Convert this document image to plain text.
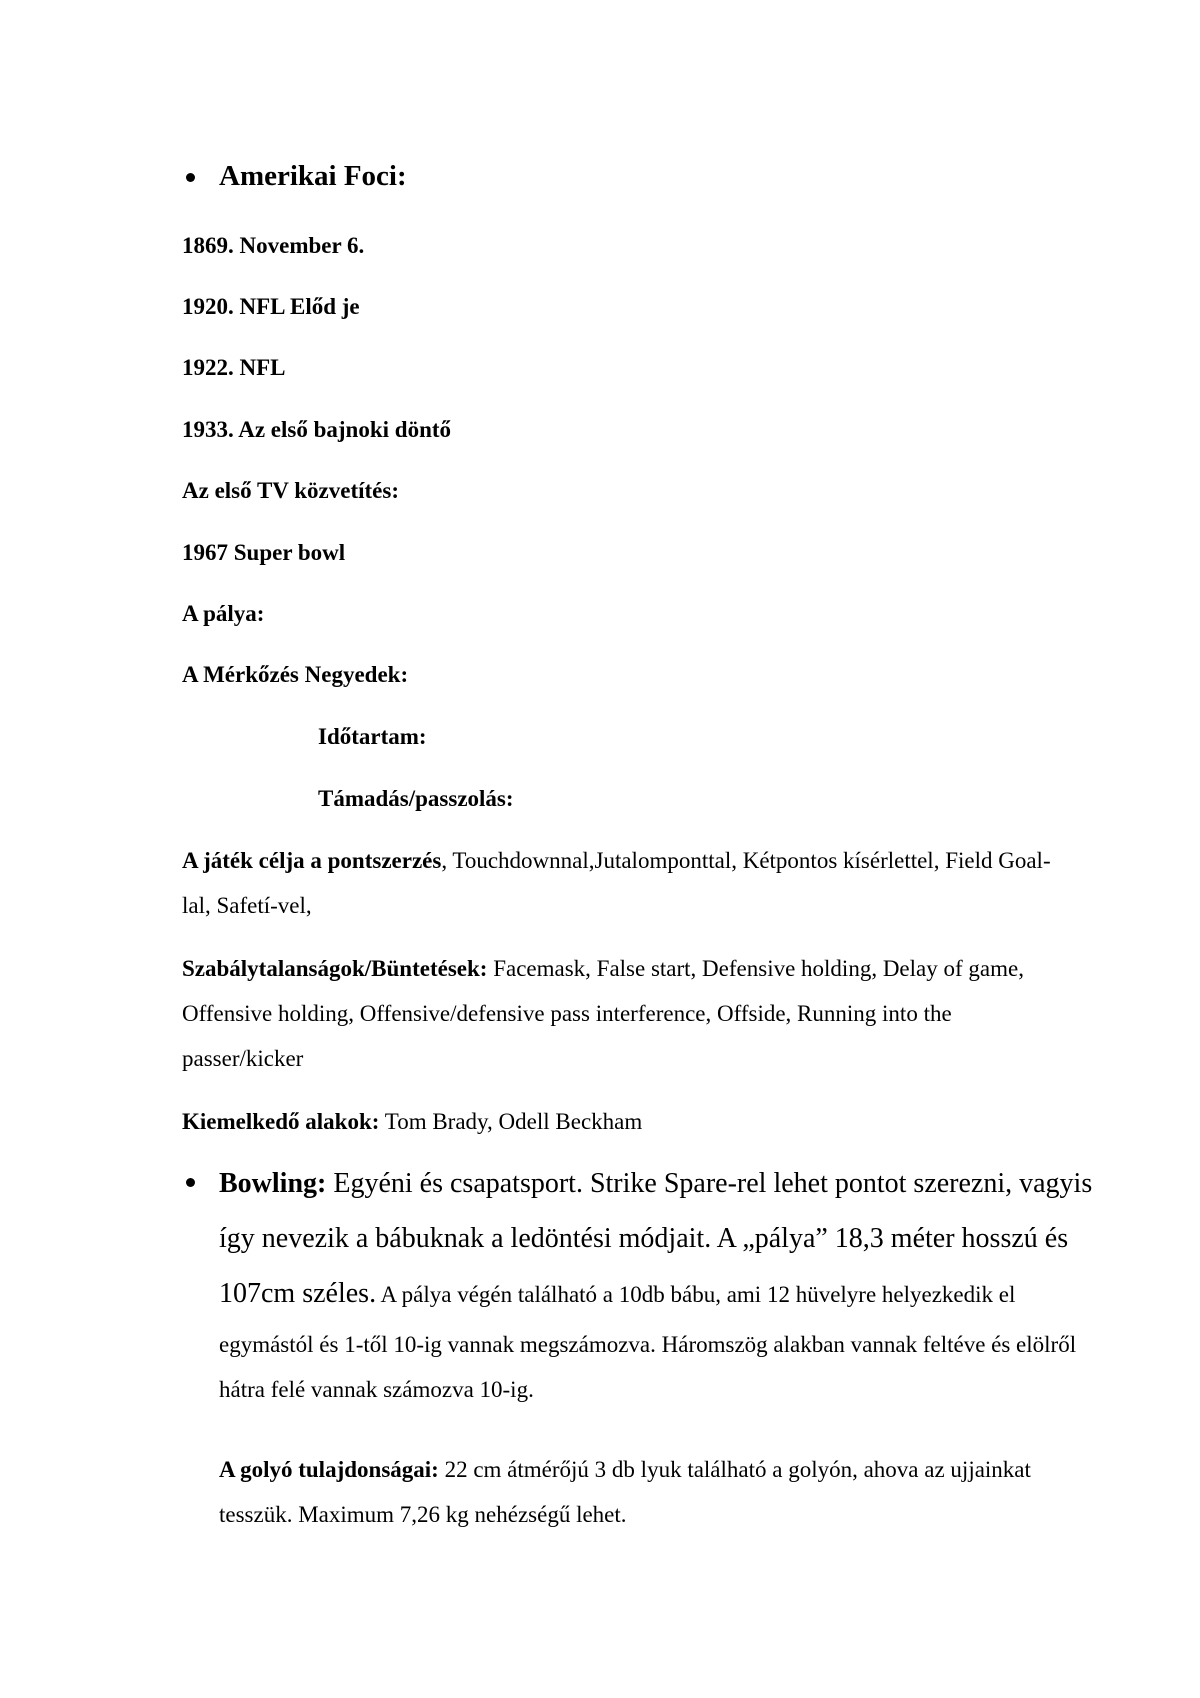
Amerikai Foci:
1869. November 6.
1920. NFL Előd je
1922. NFL
1933. Az első bajnoki döntő
Az első TV közvetítés:
1967 Super bowl
A pálya:
A Mérkőzés Negyedek:
Időtartam:
Támadás/passzolás:
A játék célja a pontszerzés, Touchdownnal,Jutalomponttal, Kétpontos kísérlettel, Field Goal-lal, Safetí-vel,
Szabálytalanságok/Büntetések: Facemask, False start, Defensive holding, Delay of game, Offensive holding, Offensive/defensive pass interference, Offside, Running into the passer/kicker
Kiemelkedő alakok: Tom Brady, Odell Beckham
Bowling: Egyéni és csapatsport. Strike Spare-rel lehet pontot szerezni, vagyis így nevezik a bábuknak a ledöntési módjait. A „pálya” 18,3 méter hosszú és 107cm széles. A pálya végén található a 10db bábu, ami 12 hüvelyre helyezkedik el egymástól és 1-től 10-ig vannak megszámozva. Háromszög alakban vannak feltéve és elölről hátra felé vannak számozva 10-ig.
A golyó tulajdonságai: 22 cm átmérőjú 3 db lyuk található a golyón, ahova az ujjainkat tesszük. Maximum 7,26 kg nehézségű lehet.
